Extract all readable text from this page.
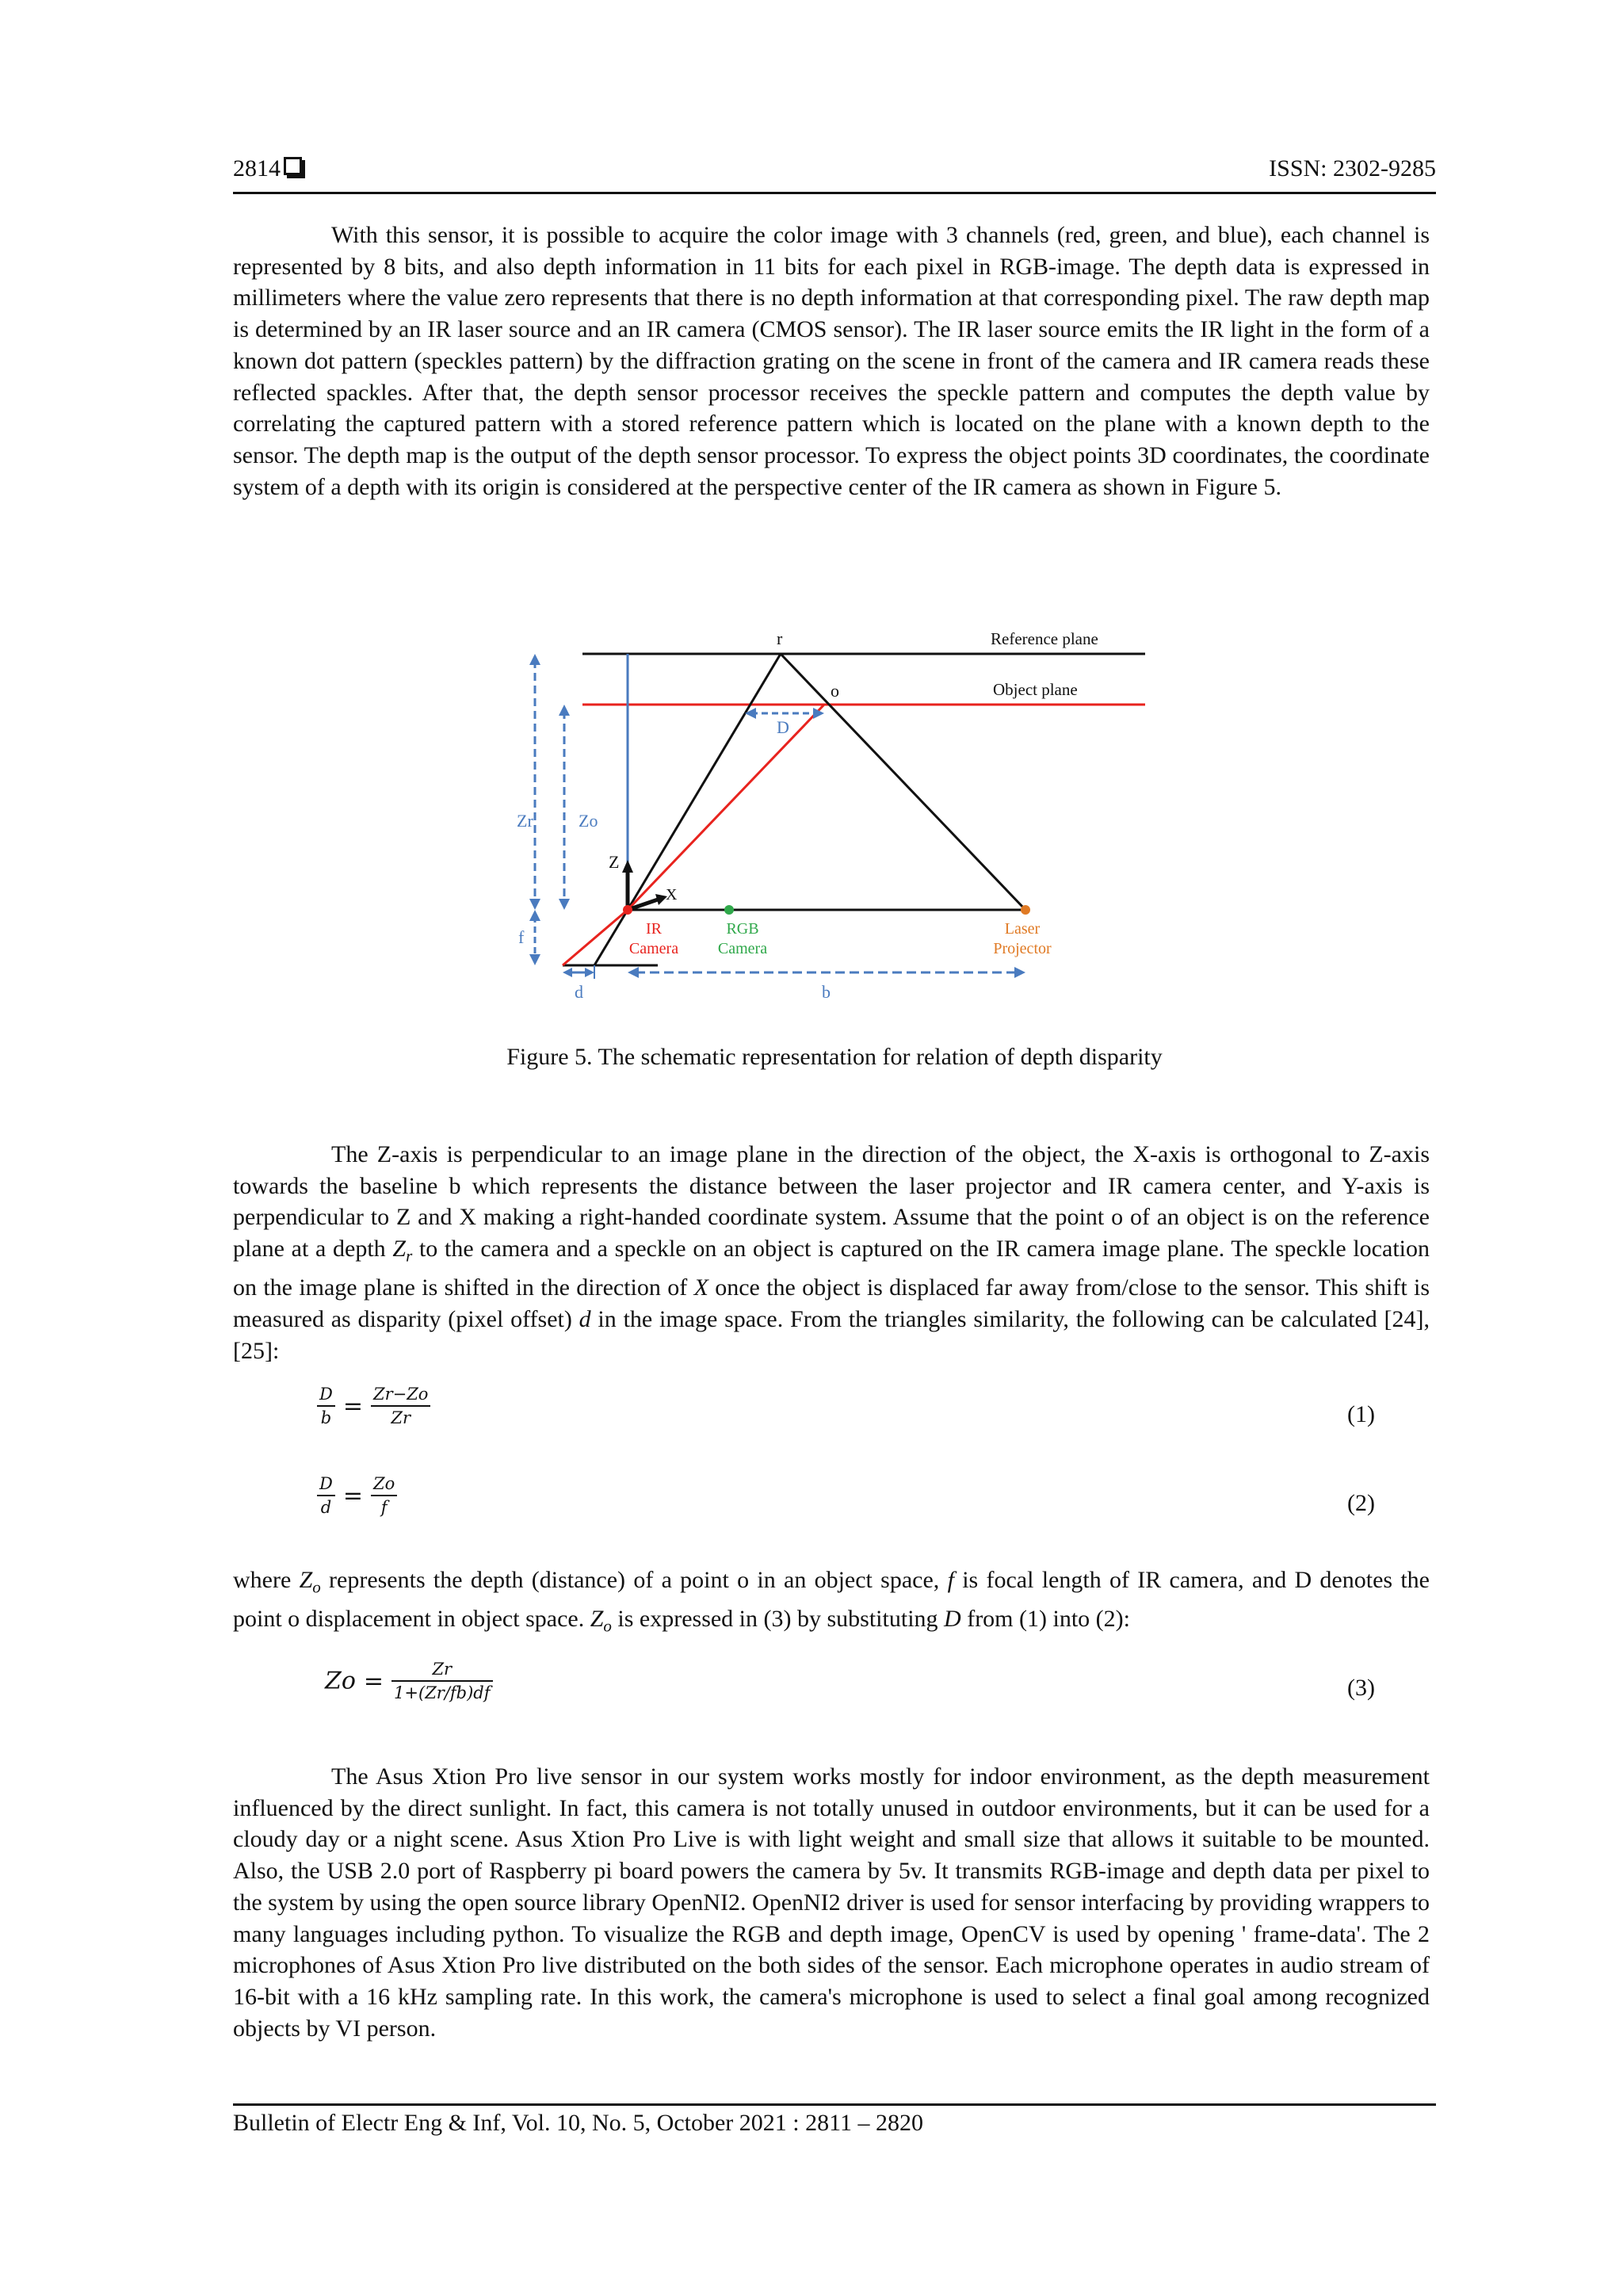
2814	ISSN: 2302-9285

With this sensor, it is possible to acquire the color image with 3 channels (red, green, and blue), each channel is represented by 8 bits, and also depth information in 11 bits for each pixel in RGB-image. The depth data is expressed in millimeters where the value zero represents that there is no depth information at that corresponding pixel. The raw depth map is determined by an IR laser source and an IR camera (CMOS sensor). The IR laser source emits the IR light in the form of a known dot pattern (speckles pattern) by the diffraction grating on the scene in front of the camera and IR camera reads these reflected spackles. After that, the depth sensor processor receives the speckle pattern and computes the depth value by correlating the captured pattern with a stored reference pattern which is located on the plane with a known depth to the sensor. The depth map is the output of the depth sensor processor. To express the object points 3D coordinates, the coordinate system of a depth with its origin is considered at the perspective center of the IR camera as shown in Figure 5.

r
o
Reference plane
Object plane
D
Zr	Zo
Z
X
f	IR
Camera
RGB
Camera
Laser
Projector
d	b
Figure 5. The schematic representation for relation of depth disparity

The Z-axis is perpendicular to an image plane in the direction of the object, the X-axis is orthogonal to Z-axis towards the baseline b which represents the distance between the laser projector and IR camera center, and Y-axis is perpendicular to Z and X making a right-handed coordinate system. Assume that the point o of an object is on the reference plane at a depth $Z_r$ to the camera and a speckle on an object is captured on the IR camera image plane. The speckle location on the image plane is shifted in the direction of X once the object is displaced far away from/close to the sensor. This shift is measured as disparity (pixel offset) d in the image space. From the triangles similarity, the following can be calculated [24], [25]:

$\frac{D}{b} = \frac{Zr-Zo}{Zr}$	(1)
$\frac{D}{d} = \frac{Zo}{f}$	(2)

where $Z_o$ represents the depth (distance) of a point o in an object space, f is focal length of IR camera, and D denotes the point o displacement in object space. $Z_o$ is expressed in (3) by substituting D from (1) into (2):

$Zo = \frac{Zr}{1+(Zr/fb)df}$	(3)

The Asus Xtion Pro live sensor in our system works mostly for indoor environment, as the depth measurement influenced by the direct sunlight. In fact, this camera is not totally unused in outdoor environments, but it can be used for a cloudy day or a night scene. Asus Xtion Pro Live is with light weight and small size that allows it suitable to be mounted. Also, the USB 2.0 port of Raspberry pi board powers the camera by 5v. It transmits RGB-image and depth data per pixel to the system by using the open source library OpenNI2. OpenNI2 driver is used for sensor interfacing by providing wrappers to many languages including python. To visualize the RGB and depth image, OpenCV is used by opening ' frame-data'. The 2 microphones of Asus Xtion Pro live distributed on the both sides of the sensor. Each microphone operates in audio stream of 16-bit with a 16 kHz sampling rate. In this work, the camera's microphone is used to select a final goal among recognized objects by VI person.

Bulletin of Electr Eng & Inf, Vol. 10, No. 5, October 2021 : 2811 – 2820
